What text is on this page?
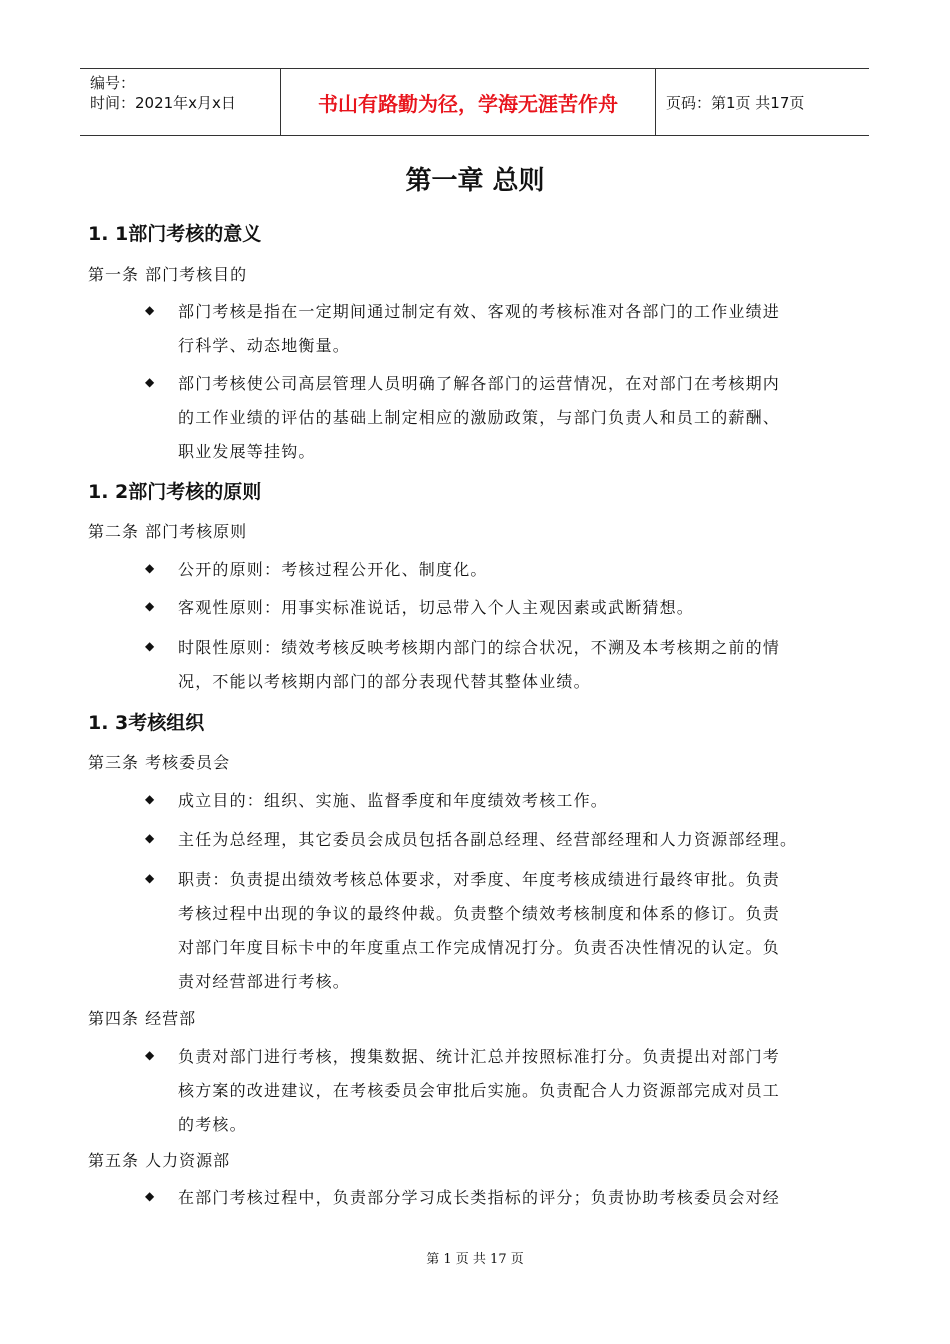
编号：
时间：2021年x月x日	书山有路勤为径，学海无涯苦作舟	页码：第1页 共17页
第一章 总则
1. 1部门考核的意义
第一条 部门考核目的
◆ 部门考核是指在一定期间通过制定有效、客观的考核标准对各部门的工作业绩进
行科学、动态地衡量。
◆ 部门考核使公司高层管理人员明确了解各部门的运营情况，在对部门在考核期内
的工作业绩的评估的基础上制定相应的激励政策，与部门负责人和员工的薪酬、
职业发展等挂钩。
1. 2部门考核的原则
第二条 部门考核原则
◆ 公开的原则：考核过程公开化、制度化。
◆ 客观性原则：用事实标准说话，切忌带入个人主观因素或武断猜想。
◆ 时限性原则：绩效考核反映考核期内部门的综合状况，不溯及本考核期之前的情
况，不能以考核期内部门的部分表现代替其整体业绩。
1. 3考核组织
第三条 考核委员会
◆ 成立目的：组织、实施、监督季度和年度绩效考核工作。
◆ 主任为总经理，其它委员会成员包括各副总经理、经营部经理和人力资源部经理。
◆ 职责：负责提出绩效考核总体要求，对季度、年度考核成绩进行最终审批。负责
考核过程中出现的争议的最终仲裁。负责整个绩效考核制度和体系的修订。负责
对部门年度目标卡中的年度重点工作完成情况打分。负责否决性情况的认定。负
责对经营部进行考核。
第四条 经营部
◆ 负责对部门进行考核，搜集数据、统计汇总并按照标准打分。负责提出对部门考
核方案的改进建议，在考核委员会审批后实施。负责配合人力资源部完成对员工
的考核。
第五条 人力资源部
◆ 在部门考核过程中，负责部分学习成长类指标的评分；负责协助考核委员会对经
第 1 页 共 17 页
